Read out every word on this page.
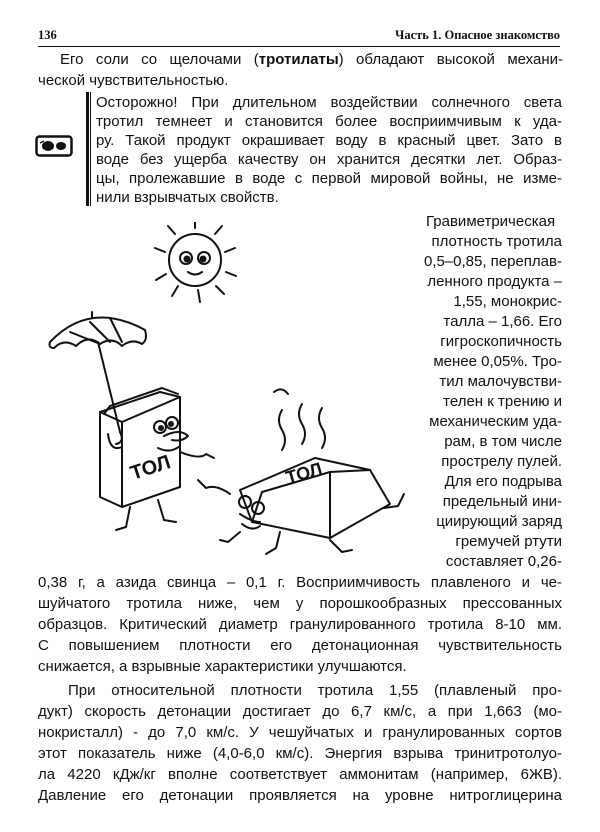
136	Часть 1. Опасное знакомство
Его соли со щелочами (тротилаты) обладают высокой механи-
ческой чувствительностью.
Осторожно! При длительном воздействии солнечного света
тротил темнеет и становится более восприимчивым к уда-
ру. Такой продукт окрашивает воду в красный цвет. Зато в
воде без ущерба качеству он хранится десятки лет. Образ-
цы, пролежавшие в воде с первой мировой войны, не изме-
нили взрывчатых свойств.
ТОЛ	ТОЛ
Гравиметрическая
плотность тротила
0,5–0,85, переплав-
ленного продукта –
1,55, монокрис-
талла – 1,66. Его
гигроскопичность
менее 0,05%. Тро-
тил малочувстви-
телен к трению и
механическим уда-
рам, в том числе
прострелу пулей.
Для его подрыва
предельный ини-
циирующий заряд
гремучей ртути
составляет 0,26-
0,38 г, а азида свинца – 0,1 г. Восприимчивость плавленого и че-
шуйчатого тротила ниже, чем у порошкообразных прессованных
образцов. Критический диаметр гранулированного тротила 8-10 мм.
С повышением плотности его детонационная чувствительность
снижается, а взрывные характеристики улучшаются.
При относительной плотности тротила 1,55 (плавленый про-
дукт) скорость детонации достигает до 6,7 км/с, а при 1,663 (мо-
нокристалл) - до 7,0 км/с. У чешуйчатых и гранулированных сортов
этот показатель ниже (4,0-6,0 км/с). Энергия взрыва тринитротолуо-
ла 4220 кДж/кг вполне соответствует аммонитам (например, 6ЖВ).
Давление его детонации проявляется на уровне нитроглицерина
